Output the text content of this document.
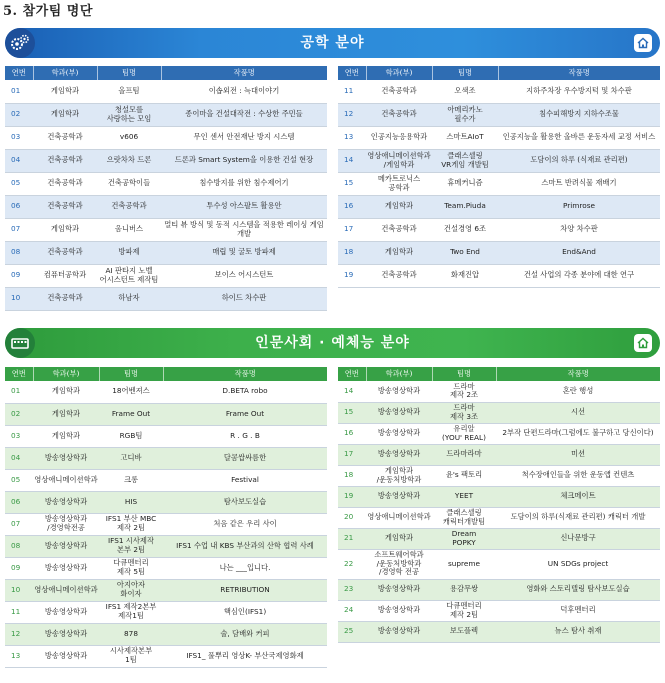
5. 참가팀 명단
공학 분야
연번	학과(부)	팀명	작품명
01	게임학과	올프팀	이솝외전 : 늑대이야기
02	게임학과	청설모를
사랑하는 모임	종이마을 건설대작전 : 수상한 주민들
03	건축공학과	v606	무인 센서 안전재난 방지 시스템
04	건축공학과	으랏차차 드론	드론과 Smart System을 이용한 건설 현장
05	건축공학과	건축공학이들	침수방지를 위한 침수제어기
06	건축공학과	건축공학과	투수성 아스팔트 활용안
07	게임학과	옴니버스	멀티 뷰 방식 및 동적 시스템을 적용한 레이싱 게임 개발
08	건축공학과	방파제	매립 및 굴토 방파제
09	컴퓨터공학과	AI 판타지 노벨
어시스턴트 제작팀	보이스 어시스턴트
10	건축공학과	하남자	하이드 차수판
연번	학과(부)	팀명	작품명
11	건축공학과	오색조	지하주차장 우수방지턱 및 차수판
12	건축공학과	아메리카노
필수가	침수피해방지 지하수조물
13	인공지능응용학과	스마트AIoT	인공지능을 활용한 올바른 운동자세 교정 서비스
14	영상애니메이션학과
/게임학과	클래스셀링
VR게임 개발팀	도담이의 하루 (식재료 관리편)
15	메카트로닉스
공학과	휴메커니즘	스마트 반려식물 재배기
16	게임학과	Team.Piuda	Primrose
17	건축공학과	건설경영 6조	차양 차수판
18	게임학과	Two End	End&And
19	건축공학과	화재진압	건설 사업의 각종 분야에 대한 연구
인문사회 · 예체능 분야
연번	학과(부)	팀명	작품명
01	게임학과	18어벤져스	D.BETA robo
02	게임학과	Frame Out	Frame Out
03	게임학과	RGB팀	R . G . B
04	방송영상학과	고디바	달콤쌉싸름한
05	영상애니메이션학과	크롱	Festival
06	방송영상학과	HIS	탐사보도실습
07	방송영상학과
/경영학전공	IFS1 부산 MBC
제작 2팀	처음 같은 우리 사이
08	방송영상학과	IFS1 시사제작
본부 2팀	IFS1 수업 내 KBS 부산과의 산학 협력 사례
09	방송영상학과	다큐멘터리
제작 5팀	나는 ___입니다.
10	영상애니메이션학과	아지아자
화이자	RETRIBUTION
11	방송영상학과	IFS1 제작2본부
제작1팀	핵심인(IFS1)
12	방송영상학과	878	술, 담배와 커피
13	방송영상학과	시사제작본부
1팀	IFS1_ 풀뿌리 영상K- 부산국제영화제
연번	학과(부)	팀명	작품명
14	방송영상학과	드라마
제작 2조	혼란 행성
15	방송영상학과	드라마
제작 3조	시선
16	방송영상학과	유리알
(YOU' REAL)	2부작 단편드라마(그럼에도 불구하고 당신이다)
17	방송영상학과	드라마라마	미션
18	게임학과
/운동처방학과	윤's 팩토리	척수장애인들을 위한 운동앱 컨텐츠
19	방송영상학과	YEET	체크메이트
20	영상애니메이션학과	클래스셀링
캐릭터개발팀	도담이의 하루(식재료 관리편) 캐릭터 개발
21	게임학과	Dream
POPKY	신나문방구
22	소프트웨어학과
/운동처방학과
/경영학 전공	supreme	UN SDGs project
23	방송영상학과	용감무쌍	영화와 스토리텔링 탐사보도실습
24	방송영상학과	다큐멘터리
제작 2팀	덕후멘터리
25	방송영상학과	보도플렉	뉴스 탐사 취재
